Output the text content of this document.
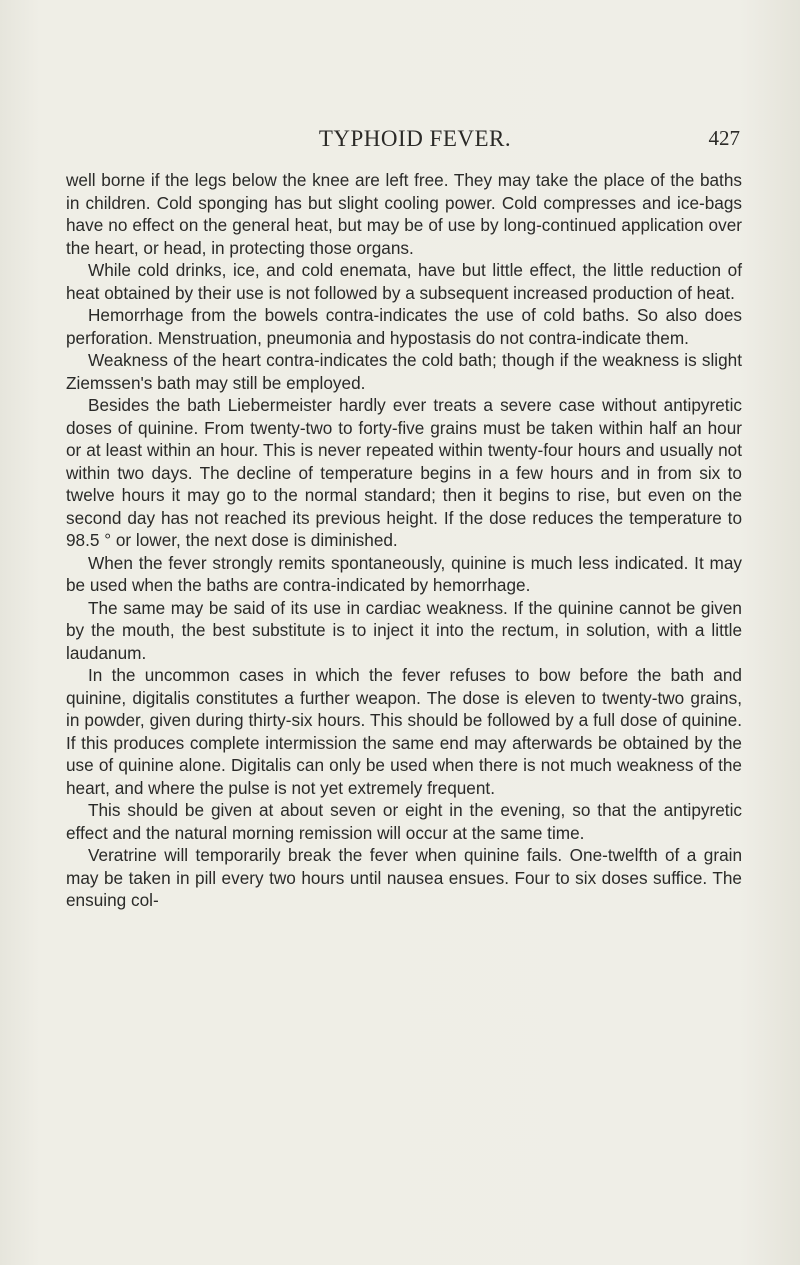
TYPHOID FEVER.	427

well borne if the legs below the knee are left free. They may take the place of the baths in children. Cold sponging has but slight cooling power. Cold compresses and ice-bags have no effect on the general heat, but may be of use by long-continued application over the heart, or head, in protecting those organs.

While cold drinks, ice, and cold enemata, have but little effect, the little reduction of heat obtained by their use is not followed by a subsequent increased production of heat.

Hemorrhage from the bowels contra-indicates the use of cold baths. So also does perforation. Menstruation, pneumonia and hypostasis do not contra-indicate them.

Weakness of the heart contra-indicates the cold bath; though if the weakness is slight Ziemssen's bath may still be employed.

Besides the bath Liebermeister hardly ever treats a severe case without antipyretic doses of quinine. From twenty-two to forty-five grains must be taken within half an hour or at least within an hour. This is never repeated within twenty-four hours and usually not within two days. The decline of temperature begins in a few hours and in from six to twelve hours it may go to the normal standard; then it begins to rise, but even on the second day has not reached its previous height. If the dose reduces the temperature to 98.5 ° or lower, the next dose is diminished.

When the fever strongly remits spontaneously, quinine is much less indicated. It may be used when the baths are contra-indicated by hemorrhage.

The same may be said of its use in cardiac weakness. If the quinine cannot be given by the mouth, the best substitute is to inject it into the rectum, in solution, with a little laudanum.

In the uncommon cases in which the fever refuses to bow before the bath and quinine, digitalis constitutes a further weapon. The dose is eleven to twenty-two grains, in powder, given during thirty-six hours. This should be followed by a full dose of quinine. If this produces complete intermission the same end may afterwards be obtained by the use of quinine alone. Digitalis can only be used when there is not much weakness of the heart, and where the pulse is not yet extremely frequent.

This should be given at about seven or eight in the evening, so that the antipyretic effect and the natural morning remission will occur at the same time.

Veratrine will temporarily break the fever when quinine fails. One-twelfth of a grain may be taken in pill every two hours until nausea ensues. Four to six doses suffice. The ensuing col-
